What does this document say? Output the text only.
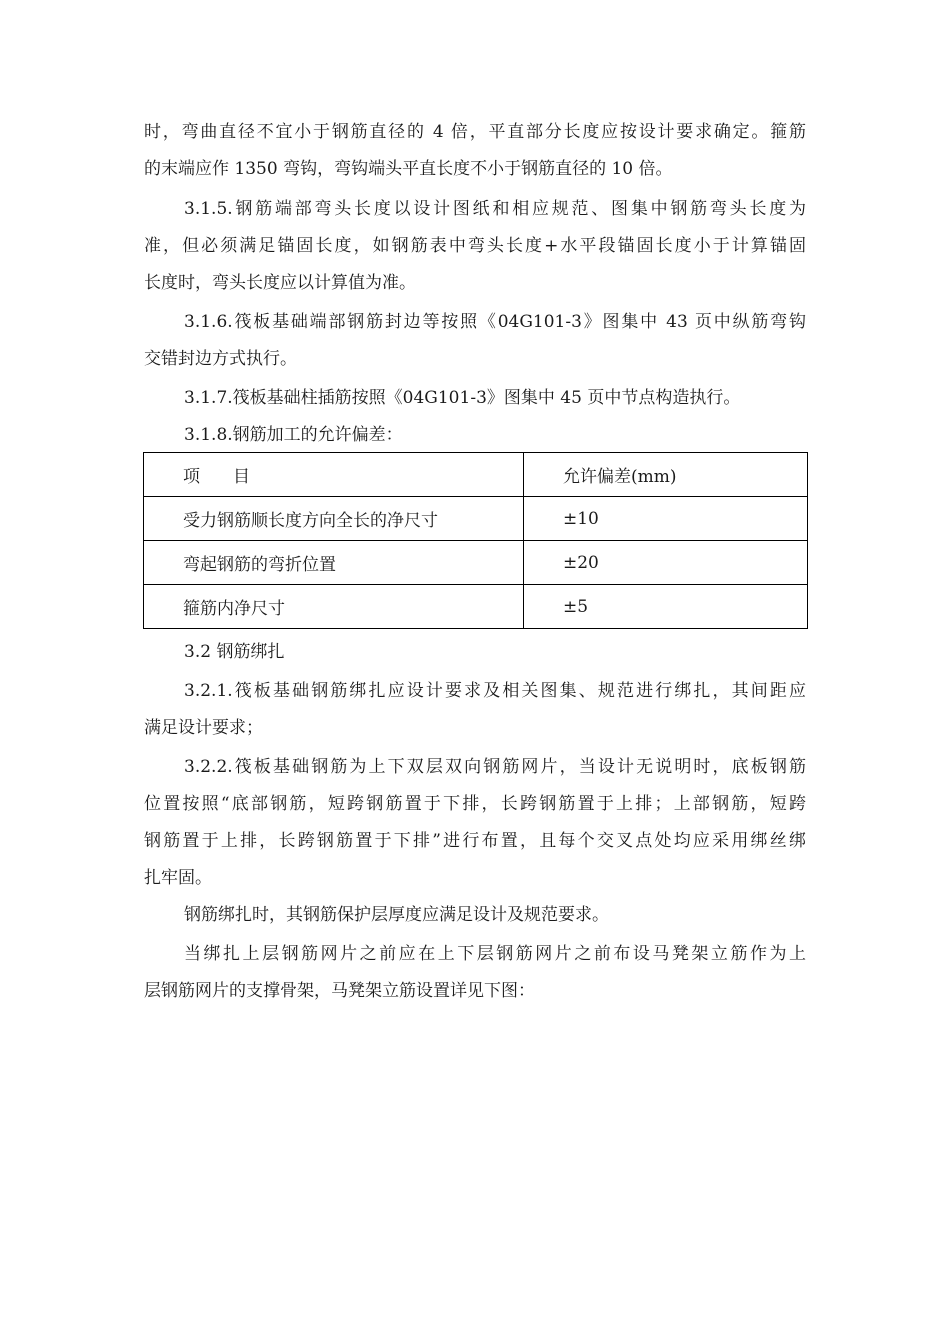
时，弯曲直径不宜小于钢筋直径的 4 倍，平直部分长度应按设计要求确定。箍筋
的末端应作 1350 弯钩，弯钩端头平直长度不小于钢筋直径的 10 倍。
3.1.5.钢筋端部弯头长度以设计图纸和相应规范、图集中钢筋弯头长度为
准，但必须满足锚固长度，如钢筋表中弯头长度+水平段锚固长度小于计算锚固
长度时，弯头长度应以计算值为准。
3.1.6.筏板基础端部钢筋封边等按照《04G101-3》图集中 43 页中纵筋弯钩
交错封边方式执行。
3.1.7.筏板基础柱插筋按照《04G101-3》图集中 45 页中节点构造执行。
3.1.8.钢筋加工的允许偏差：
项 目	允许偏差(mm)
受力钢筋顺长度方向全长的净尺寸	±10
弯起钢筋的弯折位置	±20
箍筋内净尺寸	±5
3.2 钢筋绑扎
3.2.1.筏板基础钢筋绑扎应设计要求及相关图集、规范进行绑扎，其间距应
满足设计要求；
3.2.2.筏板基础钢筋为上下双层双向钢筋网片，当设计无说明时，底板钢筋
位置按照“底部钢筋，短跨钢筋置于下排，长跨钢筋置于上排；上部钢筋，短跨
钢筋置于上排，长跨钢筋置于下排”进行布置，且每个交叉点处均应采用绑丝绑
扎牢固。
钢筋绑扎时，其钢筋保护层厚度应满足设计及规范要求。
当绑扎上层钢筋网片之前应在上下层钢筋网片之前布设马凳架立筋作为上
层钢筋网片的支撑骨架，马凳架立筋设置详见下图：
